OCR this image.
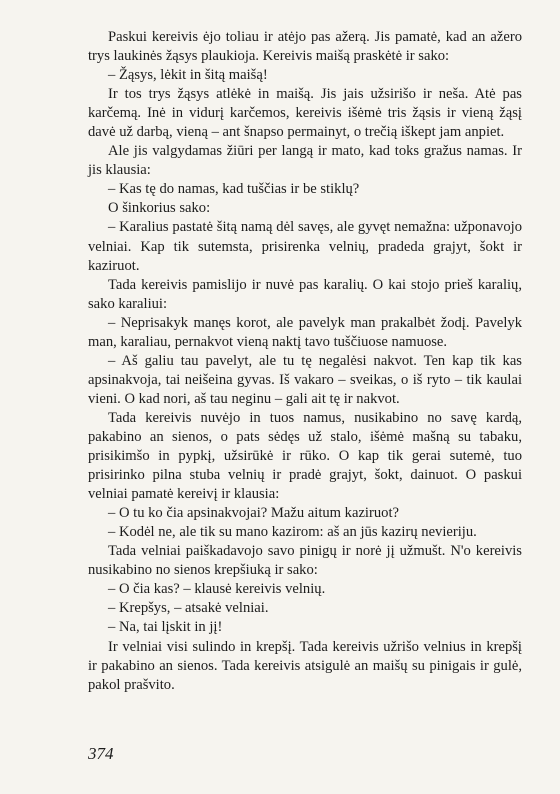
Paskui kereivis ėjo toliau ir atėjo pas ažerą. Jis pamatė, kad an ažero trys laukinės žąsys plaukioja. Kereivis maišą praskėtė ir sako:

– Žąsys, lėkit in šitą maišą!

Ir tos trys žąsys atlėkė in maišą. Jis jais užsirišo ir neša. Atė pas karčemą. Inė in vidurį karčemos, kereivis išėmė tris žąsis ir vieną žąsį davė už darbą, vieną – ant šnapso permainyt, o trečią iškept jam anpiet.

Ale jis valgydamas žiūri per langą ir mato, kad toks gražus namas. Ir jis klausia:

– Kas tę do namas, kad tuščias ir be stiklų?

O šinkorius sako:

– Karalius pastatė šitą namą dėl savęs, ale gyvęt nemažna: užponavojo velniai. Kap tik sutemsta, prisirenka velnių, pradeda grajyt, šokt ir kaziruot.

Tada kereivis pamislijo ir nuvė pas karalių. O kai stojo prieš karalių, sako karaliui:

– Neprisakyk manęs korot, ale pavelyk man prakalbėt žodį. Pavelyk man, karaliau, pernakvot vieną naktį tavo tuščiuose namuose.

– Aš galiu tau pavelyt, ale tu tę negalėsi nakvot. Ten kap tik kas apsinakvoja, tai neišeina gyvas. Iš vakaro – sveikas, o iš ryto – tik kaulai vieni. O kad nori, aš tau neginu – gali ait tę ir nakvot.

Tada kereivis nuvėjo in tuos namus, nusikabino no savę kardą, pakabino an sienos, o pats sėdęs už stalo, išėmė mašną su tabaku, prisikimšo in pypkį, užsirūkė ir rūko. O kap tik gerai sutemė, tuo prisirinko pilna stuba velnių ir pradė grajyt, šokt, dainuot. O paskui velniai pamatė kereivį ir klausia:

– O tu ko čia apsinakvojai? Mažu aitum kaziruot?

– Kodėl ne, ale tik su mano kazirom: aš an jūs kazirų nevieriju.

Tada velniai paiškadavojo savo pinigų ir norė jį užmušt. N'o kereivis nusikabino no sienos krepšiuką ir sako:

– O čia kas? – klausė kereivis velnių.

– Krepšys, – atsakė velniai.

– Na, tai lįskit in jį!

Ir velniai visi sulindo in krepšį. Tada kereivis užrišo velnius in krepšį ir pakabino an sienos. Tada kereivis atsigulė an maišų su pinigais ir gulė, pakol prašvito.

374
